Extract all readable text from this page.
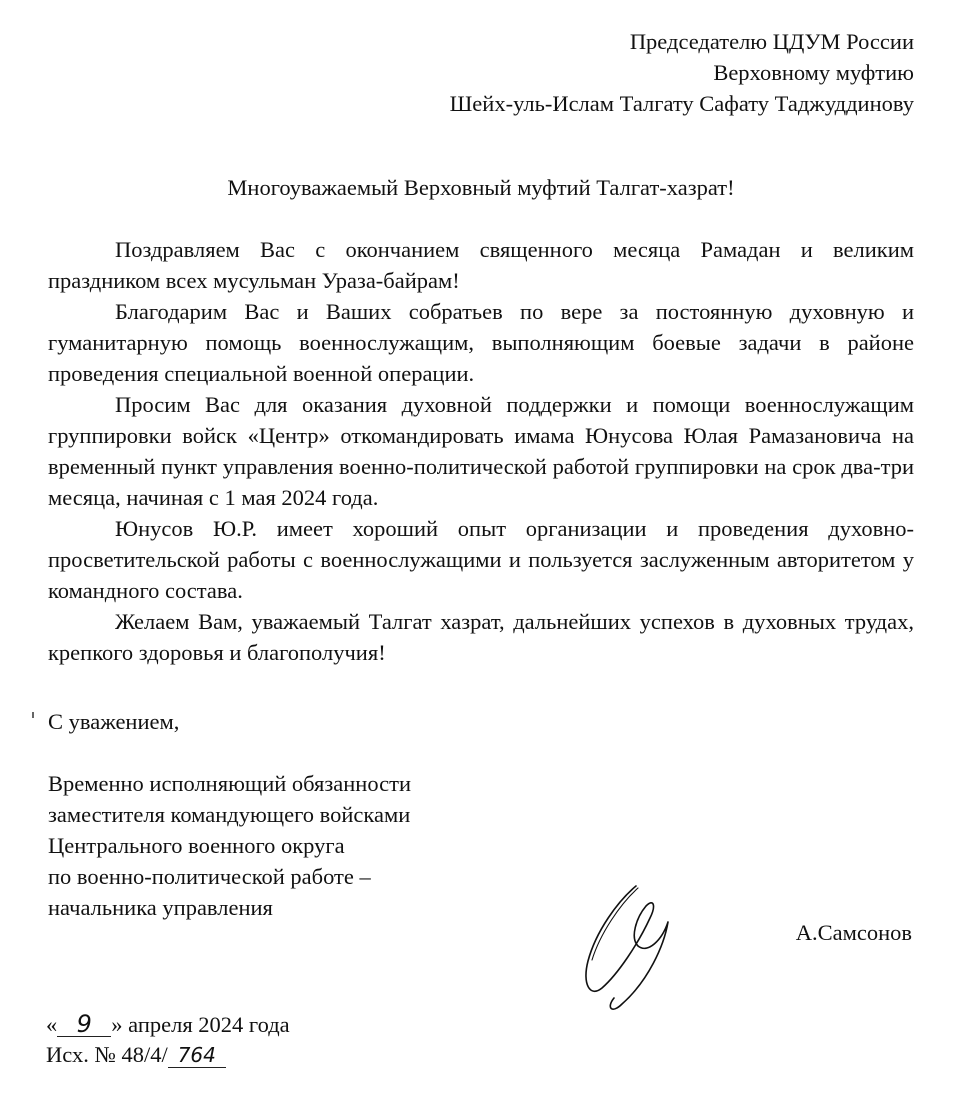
Председателю ЦДУМ России
Верховному муфтию
Шейх-уль-Ислам Талгату Сафату Таджуддинову
Многоуважаемый Верховный муфтий Талгат-хазрат!

Поздравляем Вас с окончанием священного месяца Рамадан и великим праздником всех мусульман Ураза-байрам!

Благодарим Вас и Ваших собратьев по вере за постоянную духовную и гуманитарную помощь военнослужащим, выполняющим боевые задачи в районе проведения специальной военной операции.

Просим Вас для оказания духовной поддержки и помощи военнослужащим группировки войск «Центр» откомандировать имама Юнусова Юлая Рамазановича на временный пункт управления военно-политической работой группировки на срок два-три месяца, начиная с 1 мая 2024 года.

Юнусов Ю.Р. имеет хороший опыт организации и проведения духовно-просветительской работы с военнослужащими и пользуется заслуженным авторитетом у командного состава.

Желаем Вам, уважаемый Талгат хазрат, дальнейших успехов в духовных трудах, крепкого здоровья и благополучия!

С уважением,
Временно исполняющий обязанности
заместителя командующего войсками
Центрального военного округа
по военно-политической работе –
начальника управления
А.Самсонов
« 9 » апреля 2024 года
Исх. № 48/4/ 764
